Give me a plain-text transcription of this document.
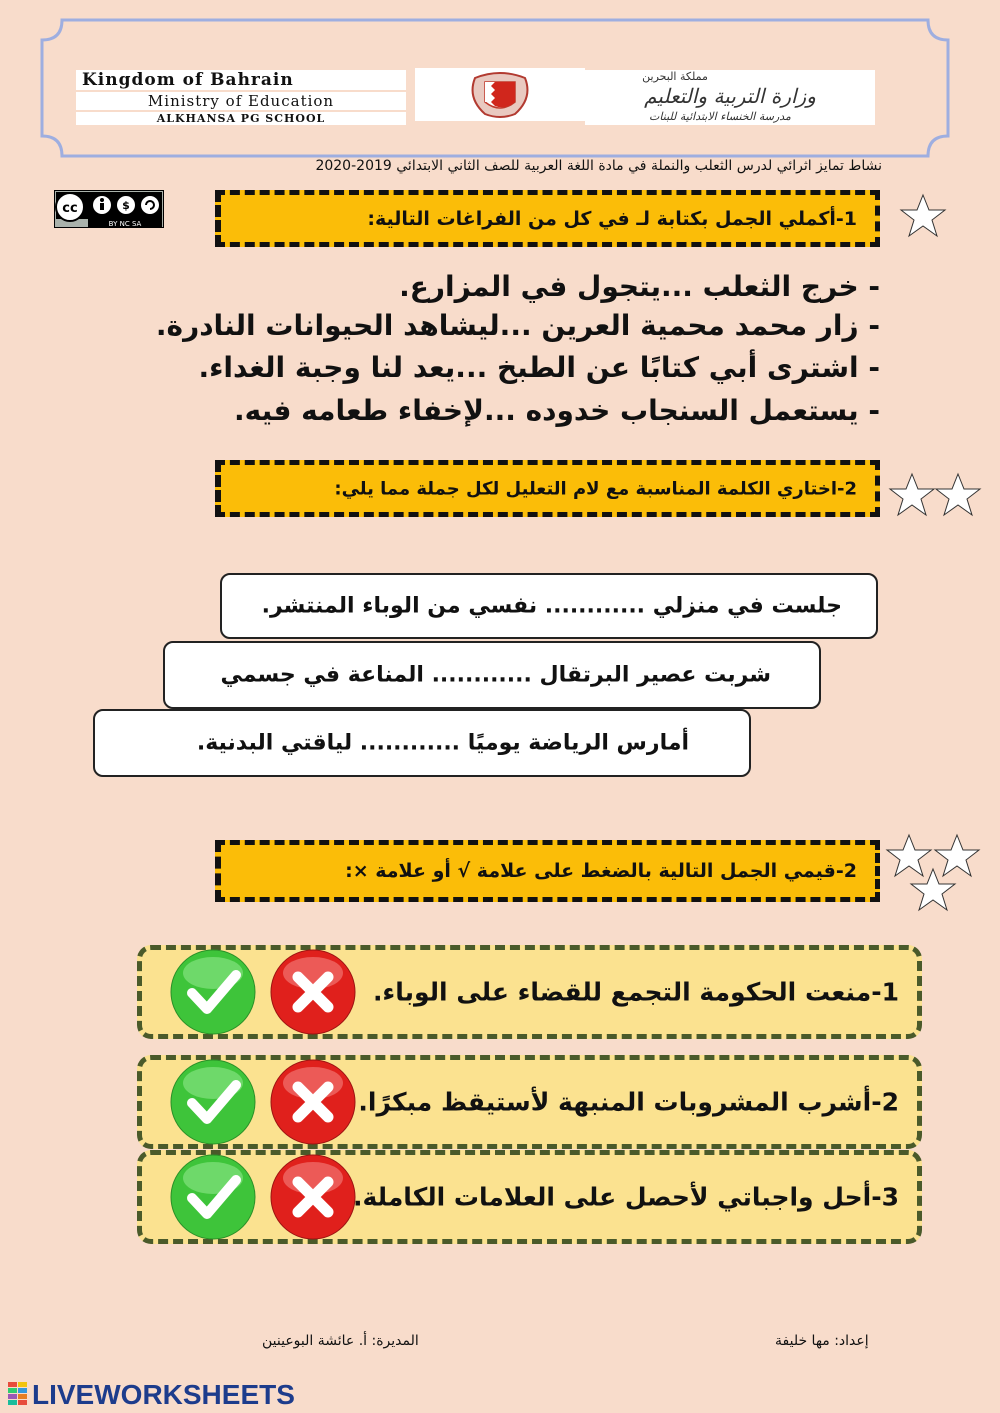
Kingdom of Bahrain
Ministry of Education
ALKHANSA PG SCHOOL
مملكة البحرين
وزارة التربية والتعليم
مدرسة الخنساء الابتدائية للبنات
نشاط تمايز اثرائي لدرس الثعلب والنملة في مادة اللغة العربية للصف الثاني الابتدائي 2019-2020
cc	$
BY NC SA	1-أكملي الجمل بكتابة لـ في كل من الفراغات التالية:
- خرج الثعلب ...يتجول في المزارع.
- زار محمد محمية العرين ...ليشاهد الحيوانات النادرة.
- اشترى أبي كتابًا عن الطبخ ...يعد لنا وجبة الغداء.
- يستعمل السنجاب خدوده ...لإخفاء طعامه فيه.
2-اختاري الكلمة المناسبة مع لام التعليل لكل جملة مما يلي:
جلست في منزلي ............ نفسي من الوباء المنتشر.
شربت عصير البرتقال ............ المناعة في جسمي
أمارس الرياضة يوميًا ............ لياقتي البدنية.
2-قيمي الجمل التالية بالضغط على علامة √ أو علامة ×:
1-منعت الحكومة التجمع للقضاء على الوباء.
2-أشرب المشروبات المنبهة لأستيقظ مبكرًا.
3-أحل واجباتي لأحصل على العلامات الكاملة.
إعداد: مها خليفة
المديرة: أ. عائشة البوعينين
LIVEWORKSHEETS
